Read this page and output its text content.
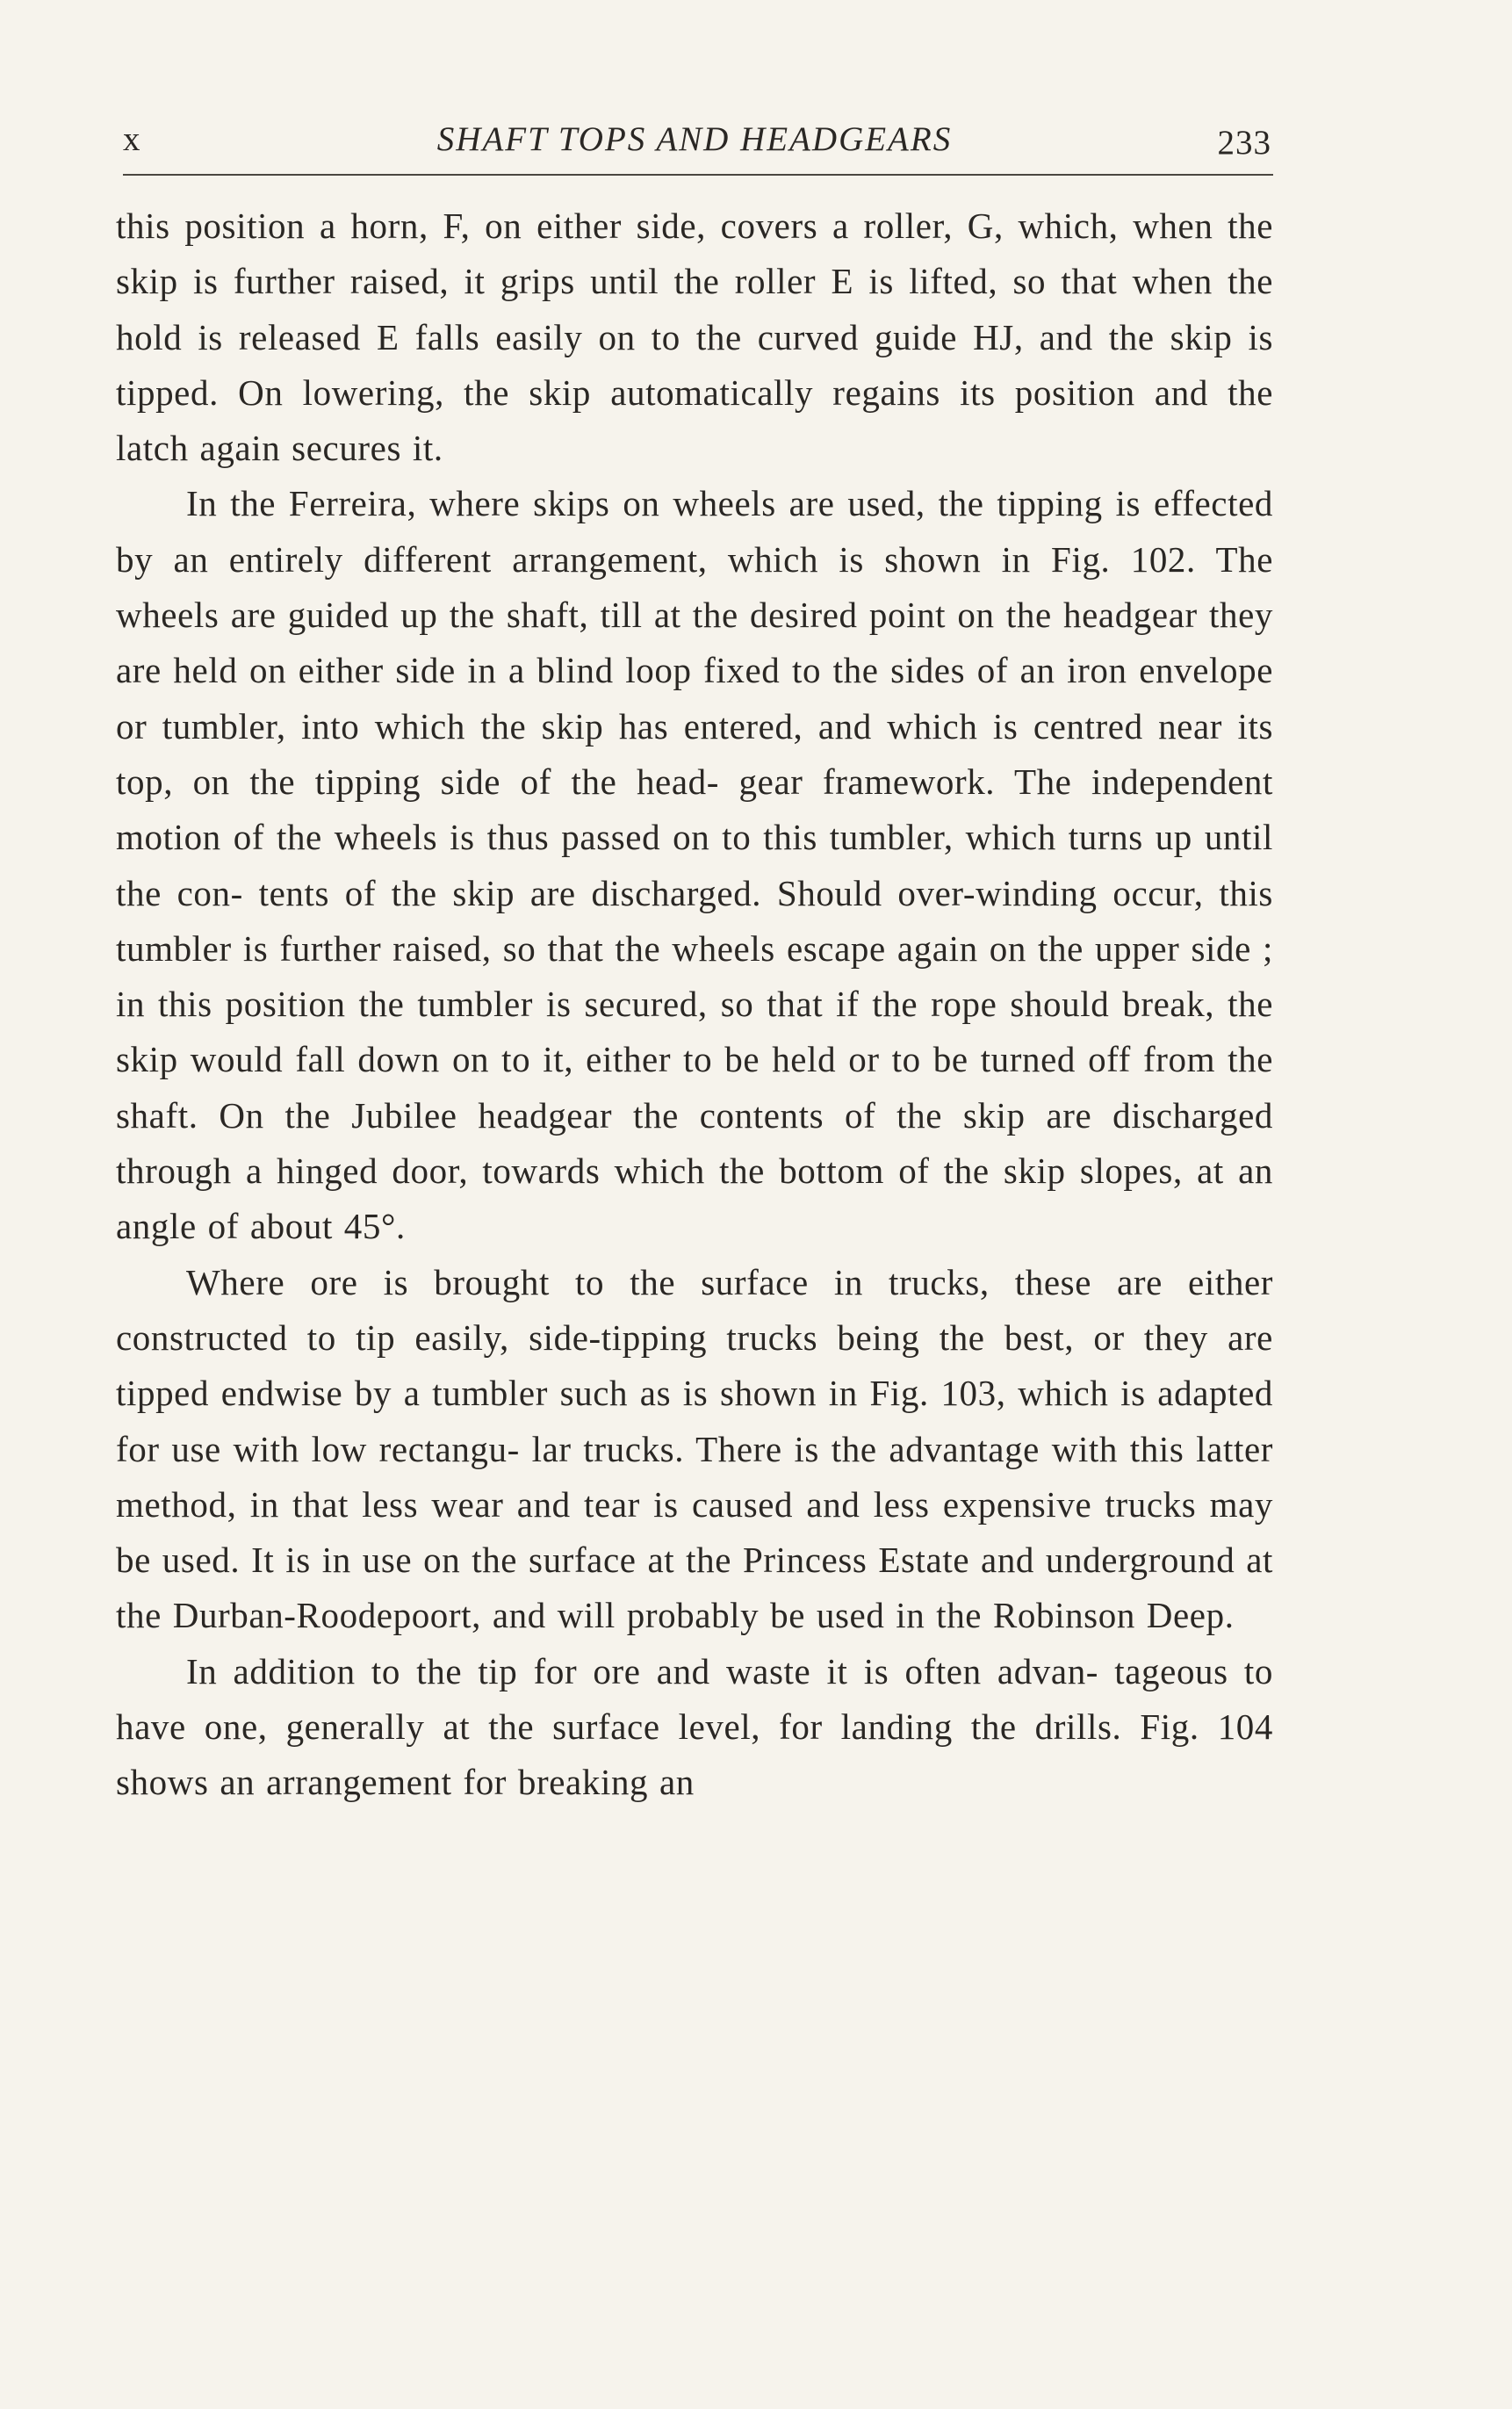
x	SHAFT TOPS AND HEADGEARS	233

this position a horn, F, on either side, covers a roller, G, which, when the skip is further raised, it grips until the roller E is lifted, so that when the hold is released E falls easily on to the curved guide HJ, and the skip is tipped. On lowering, the skip automatically regains its position and the latch again secures it.

In the Ferreira, where skips on wheels are used, the tipping is effected by an entirely different arrangement, which is shown in Fig. 102. The wheels are guided up the shaft, till at the desired point on the headgear they are held on either side in a blind loop fixed to the sides of an iron envelope or tumbler, into which the skip has entered, and which is centred near its top, on the tipping side of the head- gear framework. The independent motion of the wheels is thus passed on to this tumbler, which turns up until the con- tents of the skip are discharged. Should over-winding occur, this tumbler is further raised, so that the wheels escape again on the upper side ; in this position the tumbler is secured, so that if the rope should break, the skip would fall down on to it, either to be held or to be turned off from the shaft. On the Jubilee headgear the contents of the skip are discharged through a hinged door, towards which the bottom of the skip slopes, at an angle of about 45°.

Where ore is brought to the surface in trucks, these are either constructed to tip easily, side-tipping trucks being the best, or they are tipped endwise by a tumbler such as is shown in Fig. 103, which is adapted for use with low rectangu- lar trucks. There is the advantage with this latter method, in that less wear and tear is caused and less expensive trucks may be used. It is in use on the surface at the Princess Estate and underground at the Durban-Roodepoort, and will probably be used in the Robinson Deep.

In addition to the tip for ore and waste it is often advan- tageous to have one, generally at the surface level, for landing the drills. Fig. 104 shows an arrangement for breaking an
